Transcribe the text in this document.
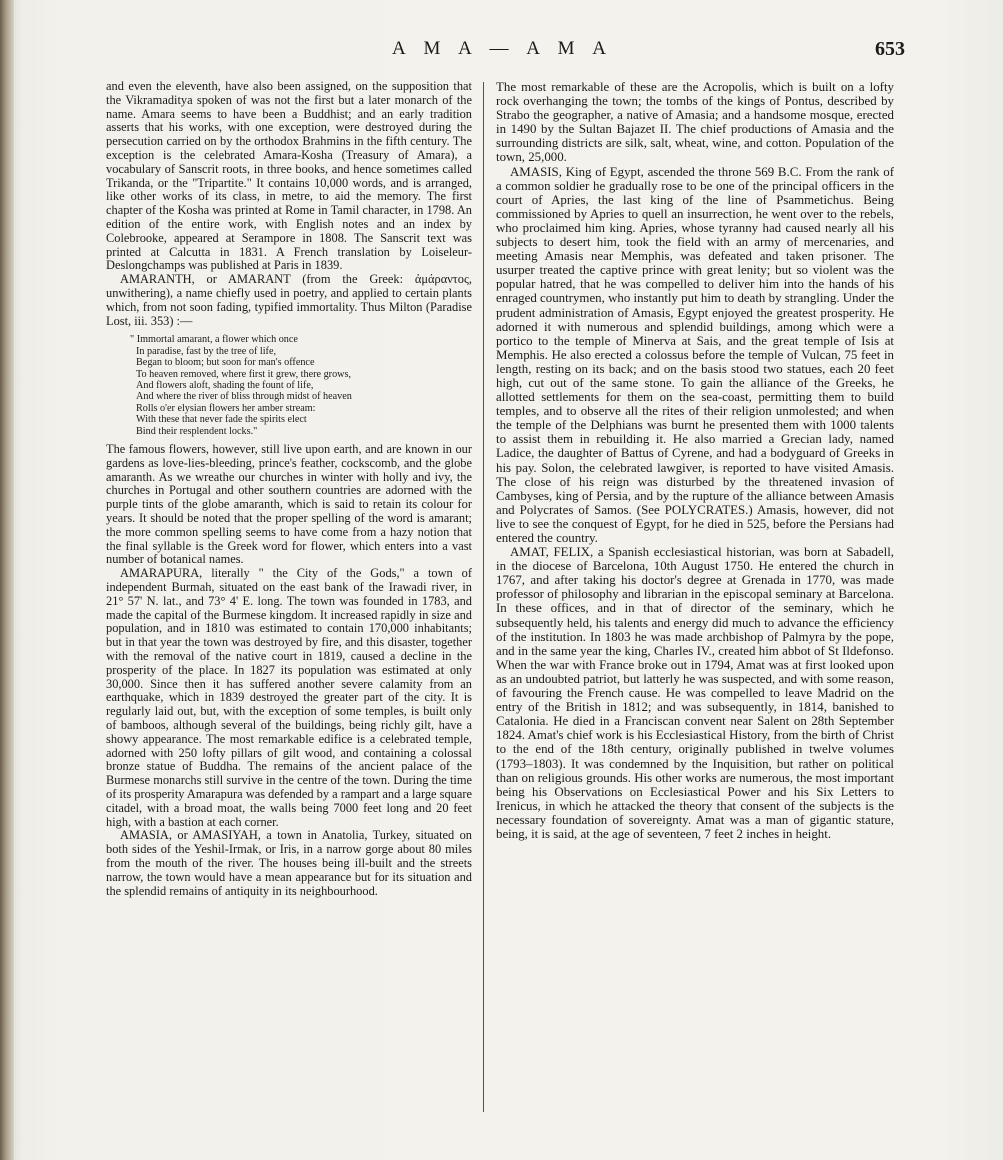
A M A — A M A	653

and even the eleventh, have also been assigned, on the supposition that the Vikramaditya spoken of was not the first but a later monarch of the name. Amara seems to have been a Buddhist; and an early tradition asserts that his works, with one exception, were destroyed during the persecution carried on by the orthodox Brahmins in the fifth century. The exception is the celebrated Amara-Kosha (Treasury of Amara), a vocabulary of Sanscrit roots, in three books, and hence sometimes called Trikanda, or the "Tripartite." It contains 10,000 words, and is arranged, like other works of its class, in metre, to aid the memory. The first chapter of the Kosha was printed at Rome in Tamil character, in 1798. An edition of the entire work, with English notes and an index by Colebrooke, appeared at Serampore in 1808. The Sanscrit text was printed at Calcutta in 1831. A French translation by Loiseleur-Deslongchamps was published at Paris in 1839.

AMARANTH, or AMARANT (from the Greek: ἀμάραντος, unwithering), a name chiefly used in poetry, and applied to certain plants which, from not soon fading, typified immortality. Thus Milton (Paradise Lost, iii. 353) :—

" Immortal amarant, a flower which once
In paradise, fast by the tree of life,
Began to bloom; but soon for man's offence
To heaven removed, where first it grew, there grows,
And flowers aloft, shading the fount of life,
And where the river of bliss through midst of heaven
Rolls o'er elysian flowers her amber stream:
With these that never fade the spirits elect
Bind their resplendent locks."

The famous flowers, however, still live upon earth, and are known in our gardens as love-lies-bleeding, prince's feather, cockscomb, and the globe amaranth. As we wreathe our churches in winter with holly and ivy, the churches in Portugal and other southern countries are adorned with the purple tints of the globe amaranth, which is said to retain its colour for years. It should be noted that the proper spelling of the word is amarant; the more common spelling seems to have come from a hazy notion that the final syllable is the Greek word for flower, which enters into a vast number of botanical names.

AMARAPURA, literally " the City of the Gods," a town of independent Burmah, situated on the east bank of the Irawadi river, in 21° 57' N. lat., and 73° 4' E. long. The town was founded in 1783, and made the capital of the Burmese kingdom. It increased rapidly in size and population, and in 1810 was estimated to contain 170,000 inhabitants; but in that year the town was destroyed by fire, and this disaster, together with the removal of the native court in 1819, caused a decline in the prosperity of the place. In 1827 its population was estimated at only 30,000. Since then it has suffered another severe calamity from an earthquake, which in 1839 destroyed the greater part of the city. It is regularly laid out, but, with the exception of some temples, is built only of bamboos, although several of the buildings, being richly gilt, have a showy appearance. The most remarkable edifice is a celebrated temple, adorned with 250 lofty pillars of gilt wood, and containing a colossal bronze statue of Buddha. The remains of the ancient palace of the Burmese monarchs still survive in the centre of the town. During the time of its prosperity Amarapura was defended by a rampart and a large square citadel, with a broad moat, the walls being 7000 feet long and 20 feet high, with a bastion at each corner.

AMASIA, or AMASIYAH, a town in Anatolia, Turkey, situated on both sides of the Yeshil-Irmak, or Iris, in a narrow gorge about 80 miles from the mouth of the river. The houses being ill-built and the streets narrow, the town would have a mean appearance but for its situation and the splendid remains of antiquity in its neighbourhood.

The most remarkable of these are the Acropolis, which is built on a lofty rock overhanging the town; the tombs of the kings of Pontus, described by Strabo the geographer, a native of Amasia; and a handsome mosque, erected in 1490 by the Sultan Bajazet II. The chief productions of Amasia and the surrounding districts are silk, salt, wheat, wine, and cotton. Population of the town, 25,000.

AMASIS, King of Egypt, ascended the throne 569 B.C. From the rank of a common soldier he gradually rose to be one of the principal officers in the court of Apries, the last king of the line of Psammetichus. Being commissioned by Apries to quell an insurrection, he went over to the rebels, who proclaimed him king. Apries, whose tyranny had caused nearly all his subjects to desert him, took the field with an army of mercenaries, and meeting Amasis near Memphis, was defeated and taken prisoner. The usurper treated the captive prince with great lenity; but so violent was the popular hatred, that he was compelled to deliver him into the hands of his enraged countrymen, who instantly put him to death by strangling. Under the prudent administration of Amasis, Egypt enjoyed the greatest prosperity. He adorned it with numerous and splendid buildings, among which were a portico to the temple of Minerva at Sais, and the great temple of Isis at Memphis. He also erected a colossus before the temple of Vulcan, 75 feet in length, resting on its back; and on the basis stood two statues, each 20 feet high, cut out of the same stone. To gain the alliance of the Greeks, he allotted settlements for them on the sea-coast, permitting them to build temples, and to observe all the rites of their religion unmolested; and when the temple of the Delphians was burnt he presented them with 1000 talents to assist them in rebuilding it. He also married a Grecian lady, named Ladice, the daughter of Battus of Cyrene, and had a bodyguard of Greeks in his pay. Solon, the celebrated lawgiver, is reported to have visited Amasis. The close of his reign was disturbed by the threatened invasion of Cambyses, king of Persia, and by the rupture of the alliance between Amasis and Polycrates of Samos. (See POLYCRATES.) Amasis, however, did not live to see the conquest of Egypt, for he died in 525, before the Persians had entered the country.

AMAT, FELIX, a Spanish ecclesiastical historian, was born at Sabadell, in the diocese of Barcelona, 10th August 1750. He entered the church in 1767, and after taking his doctor's degree at Grenada in 1770, was made professor of philosophy and librarian in the episcopal seminary at Barcelona. In these offices, and in that of director of the seminary, which he subsequently held, his talents and energy did much to advance the efficiency of the institution. In 1803 he was made archbishop of Palmyra by the pope, and in the same year the king, Charles IV., created him abbot of St Ildefonso. When the war with France broke out in 1794, Amat was at first looked upon as an undoubted patriot, but latterly he was suspected, and with some reason, of favouring the French cause. He was compelled to leave Madrid on the entry of the British in 1812; and was subsequently, in 1814, banished to Catalonia. He died in a Franciscan convent near Salent on 28th September 1824. Amat's chief work is his Ecclesiastical History, from the birth of Christ to the end of the 18th century, originally published in twelve volumes (1793–1803). It was condemned by the Inquisition, but rather on political than on religious grounds. His other works are numerous, the most important being his Observations on Ecclesiastical Power and his Six Letters to Irenicus, in which he attacked the theory that consent of the subjects is the necessary foundation of sovereignty. Amat was a man of gigantic stature, being, it is said, at the age of seventeen, 7 feet 2 inches in height.
